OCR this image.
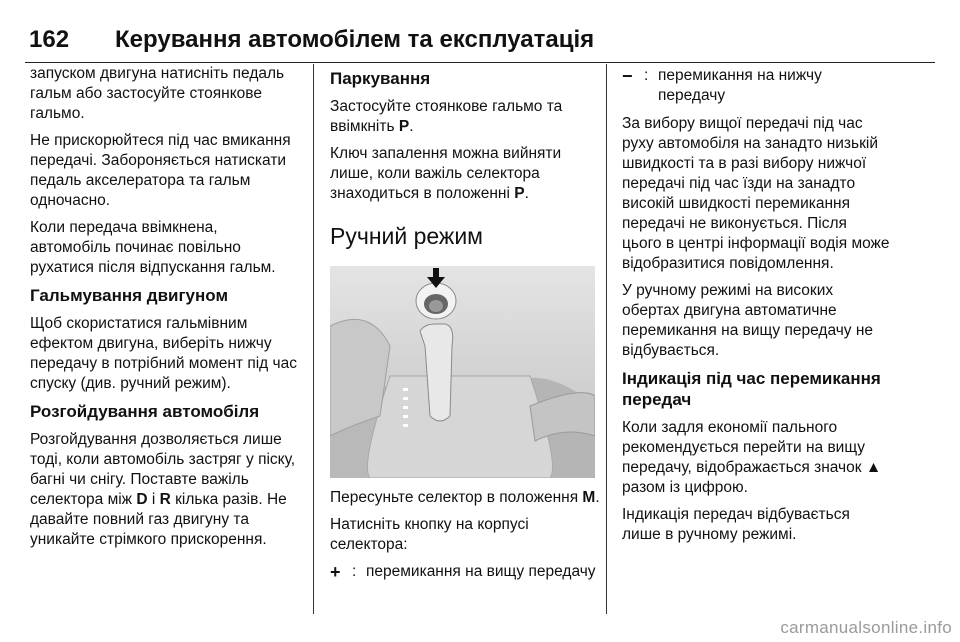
162 Керування автомобілем та експлуатація

запуском двигуна натисніть педаль гальм або застосуйте стоянкове гальмо.

Не прискорюйтеся під час вмикання передачі. Забороняється натискати педаль акселератора та гальм одночасно.

Коли передача ввімкнена, автомобіль починає повільно рухатися після відпускання гальм.

Гальмування двигуном

Щоб скористатися гальмівним ефектом двигуна, виберіть нижчу передачу в потрібний момент під час спуску (див. ручний режим).

Розгойдування автомобіля

Розгойдування дозволяється лише тоді, коли автомобіль застряг у піску, багні чи снігу. Поставте важіль селектора між D і R кілька разів. Не давайте повний газ двигуну та уникайте стрімкого прискорення.

Паркування

Застосуйте стоянкове гальмо та ввімкніть P.

Ключ запалення можна вийняти лише, коли важіль селектора знаходиться в положенні P.

Ручний режим

Пересуньте селектор в положення M.

Натисніть кнопку на корпусі селектора:

+ : перемикання на вищу передачу
− : перемикання на нижчу передачу

За вибору вищої передачі під час руху автомобіля на занадто низькій швидкості та в разі вибору нижчої передачі під час їзди на занадто високій швидкості перемикання передачі не виконується. Після цього в центрі інформації водія може відобразитися повідомлення.

У ручному режимі на високих обертах двигуна автоматичне перемикання на вищу передачу не відбувається.

Індикація під час перемикання передач

Коли задля економії пального рекомендується перейти на вищу передачу, відображається значок ▲ разом із цифрою.

Індикація передач відбувається лише в ручному режимі.

carmanualsonline.info
